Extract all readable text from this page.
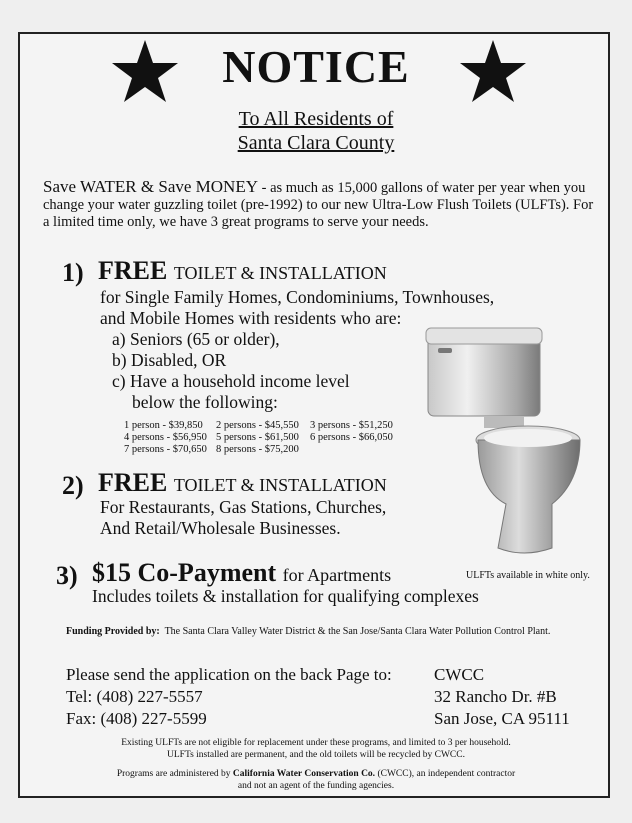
NOTICE
To All Residents of
Santa Clara County
Save WATER & Save MONEY - as much as 15,000 gallons of water per year when you change your water guzzling toilet (pre-1992) to our new Ultra-Low Flush Toilets (ULFTs). For a limited time only, we have 3 great programs to serve your needs.
1) FREE TOILET & INSTALLATION
for Single Family Homes, Condominiums, Townhouses,
and Mobile Homes with residents who are:
a) Seniors (65 or older),
b) Disabled, OR
c) Have a household income level
below the following:
1 person - $39,850 2 persons - $45,550 3 persons - $51,250
4 persons - $56,950 5 persons - $61,500 6 persons - $66,050
7 persons - $70,650 8 persons - $75,200
2) FREE TOILET & INSTALLATION
For Restaurants, Gas Stations, Churches,
And Retail/Wholesale Businesses.
3) $15 Co-Payment for Apartments	ULFTs available in white only.
Includes toilets & installation for qualifying complexes
Funding Provided by: The Santa Clara Valley Water District & the San Jose/Santa Clara Water Pollution Control Plant.
Please send the application on the back Page to:
Tel: (408) 227-5557
Fax: (408) 227-5599
CWCC
32 Rancho Dr. #B
San Jose, CA 95111
Existing ULFTs are not eligible for replacement under these programs, and limited to 3 per household.
ULFTs installed are permanent, and the old toilets will be recycled by CWCC.
Programs are administered by California Water Conservation Co. (CWCC), an independent contractor
and not an agent of the funding agencies.
